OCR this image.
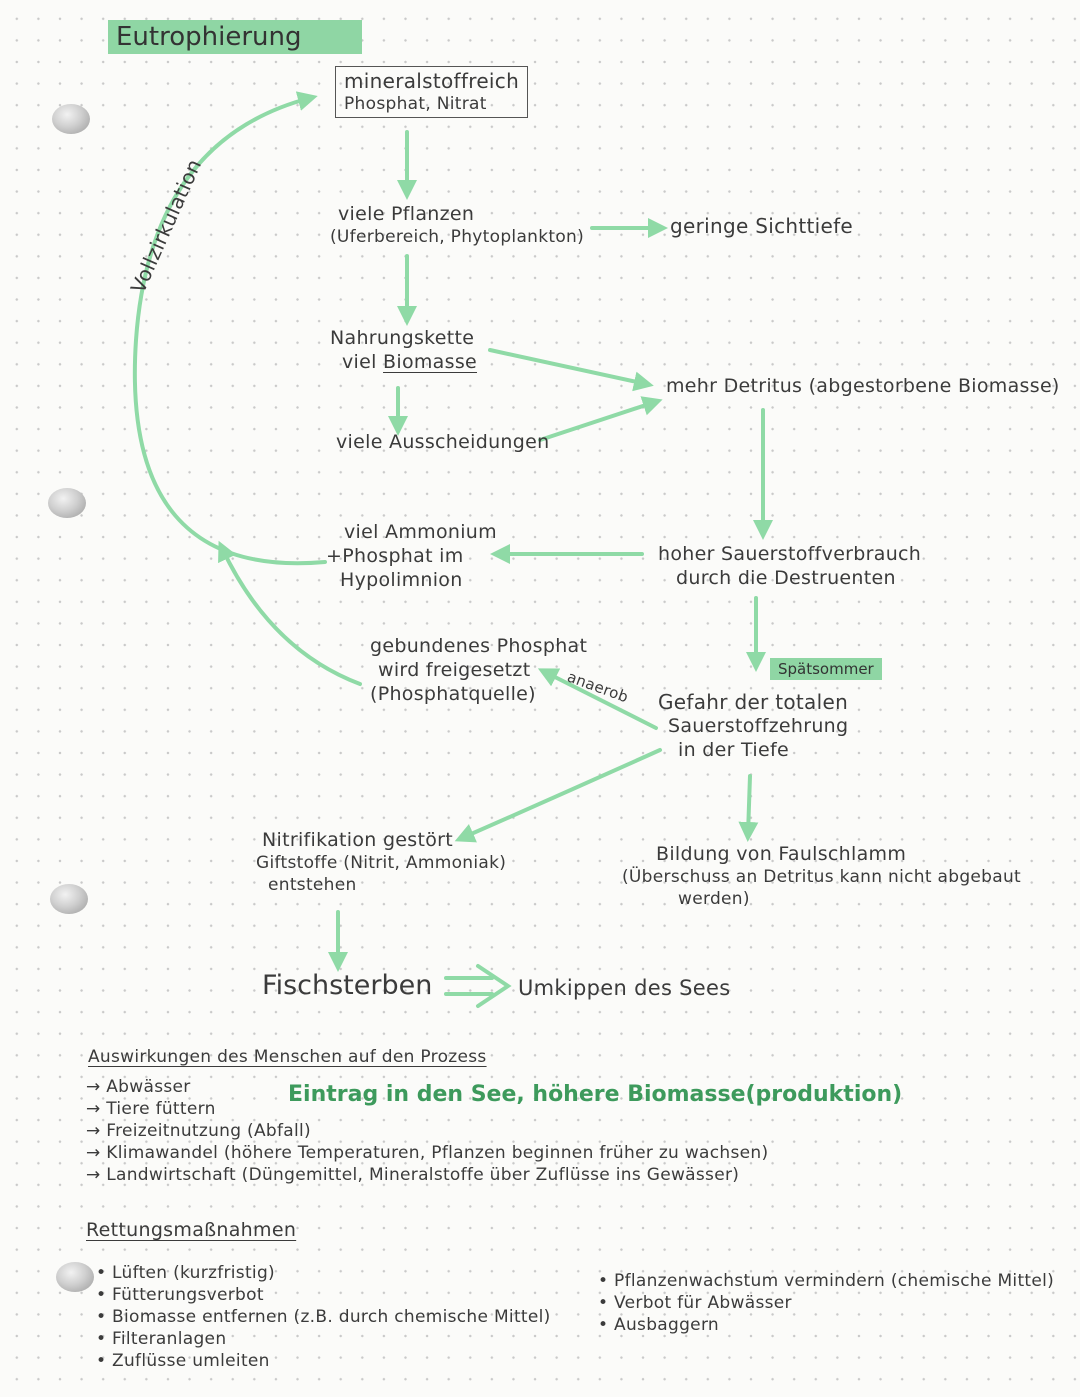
Eutrophierung
Vollzirkulation
mineralstoffreich
Phosphat, Nitrat
viele Pflanzen
(Uferbereich, Phytoplankton)	geringe Sichttiefe
Nahrungskette
viel Biomasse
viele Ausscheidungen
mehr Detritus (abgestorbene Biomasse)
viel Ammonium
+Phosphat im
Hypolimnion
hoher Sauerstoffverbrauch
durch die Destruenten
gebundenes Phosphat
wird freigesetzt
(Phosphatquelle)	anaerob	Spätsommer
Gefahr der totalen
Sauerstoffzehrung
in der Tiefe
Nitrifikation gestört
Giftstoffe (Nitrit, Ammoniak)
entstehen
Bildung von Faulschlamm
(Überschuss an Detritus kann nicht abgebaut
werden)
Fischsterben	Umkippen des Sees
Auswirkungen des Menschen auf den Prozess
Eintrag in den See, höhere Biomasse(produktion)
→ Abwässer
→ Tiere füttern
→ Freizeitnutzung (Abfall)
→ Klimawandel (höhere Temperaturen, Pflanzen beginnen früher zu wachsen)
→ Landwirtschaft (Düngemittel, Mineralstoffe über Zuflüsse ins Gewässer)
Rettungsmaßnahmen
• Lüften (kurzfristig)
• Fütterungsverbot
• Biomasse entfernen (z.B. durch chemische Mittel)
• Filteranlagen
• Zuflüsse umleiten
• Pflanzenwachstum vermindern (chemische Mittel)
• Verbot für Abwässer
• Ausbaggern
